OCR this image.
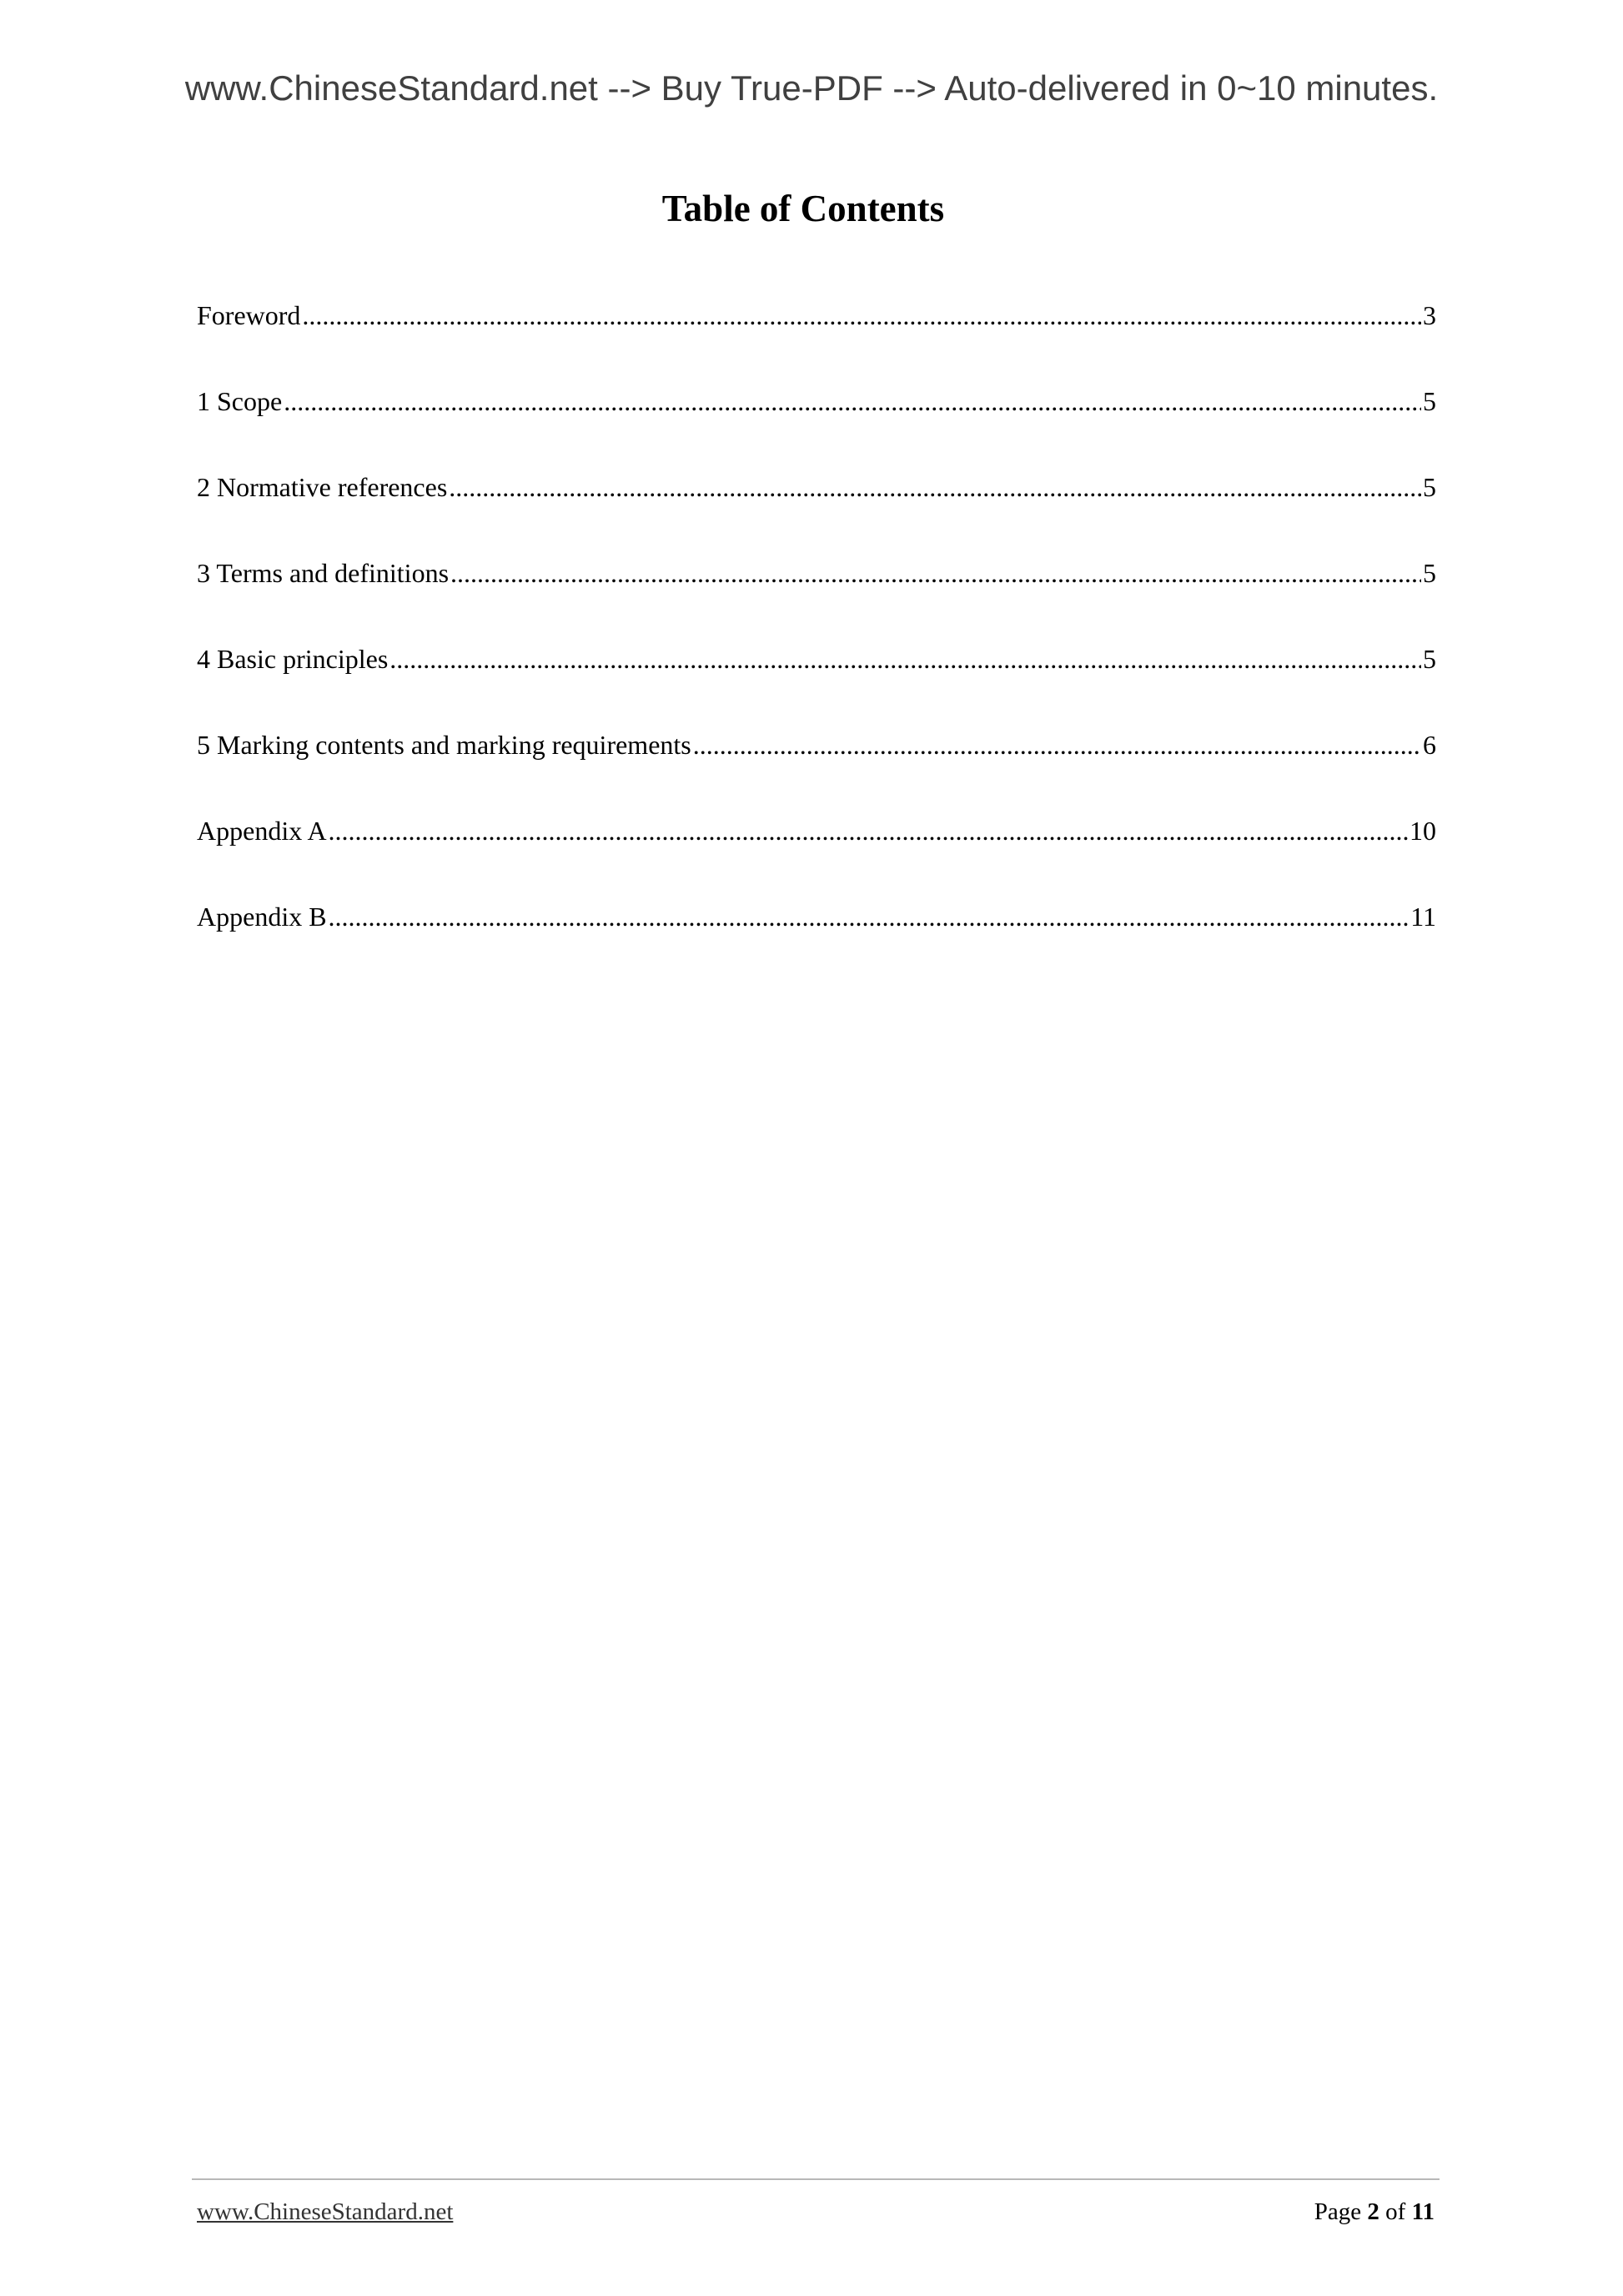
www.ChineseStandard.net --> Buy True-PDF --> Auto-delivered in 0~10 minutes.

Table of Contents
Foreword .....	3
1 Scope .....	5
2 Normative references .....	5
3 Terms and definitions .....	5
4 Basic principles .....	5
5 Marking contents and marking requirements .....	6
Appendix A .....	10
Appendix B .....	11
www.ChineseStandard.net	Page 2 of 11
